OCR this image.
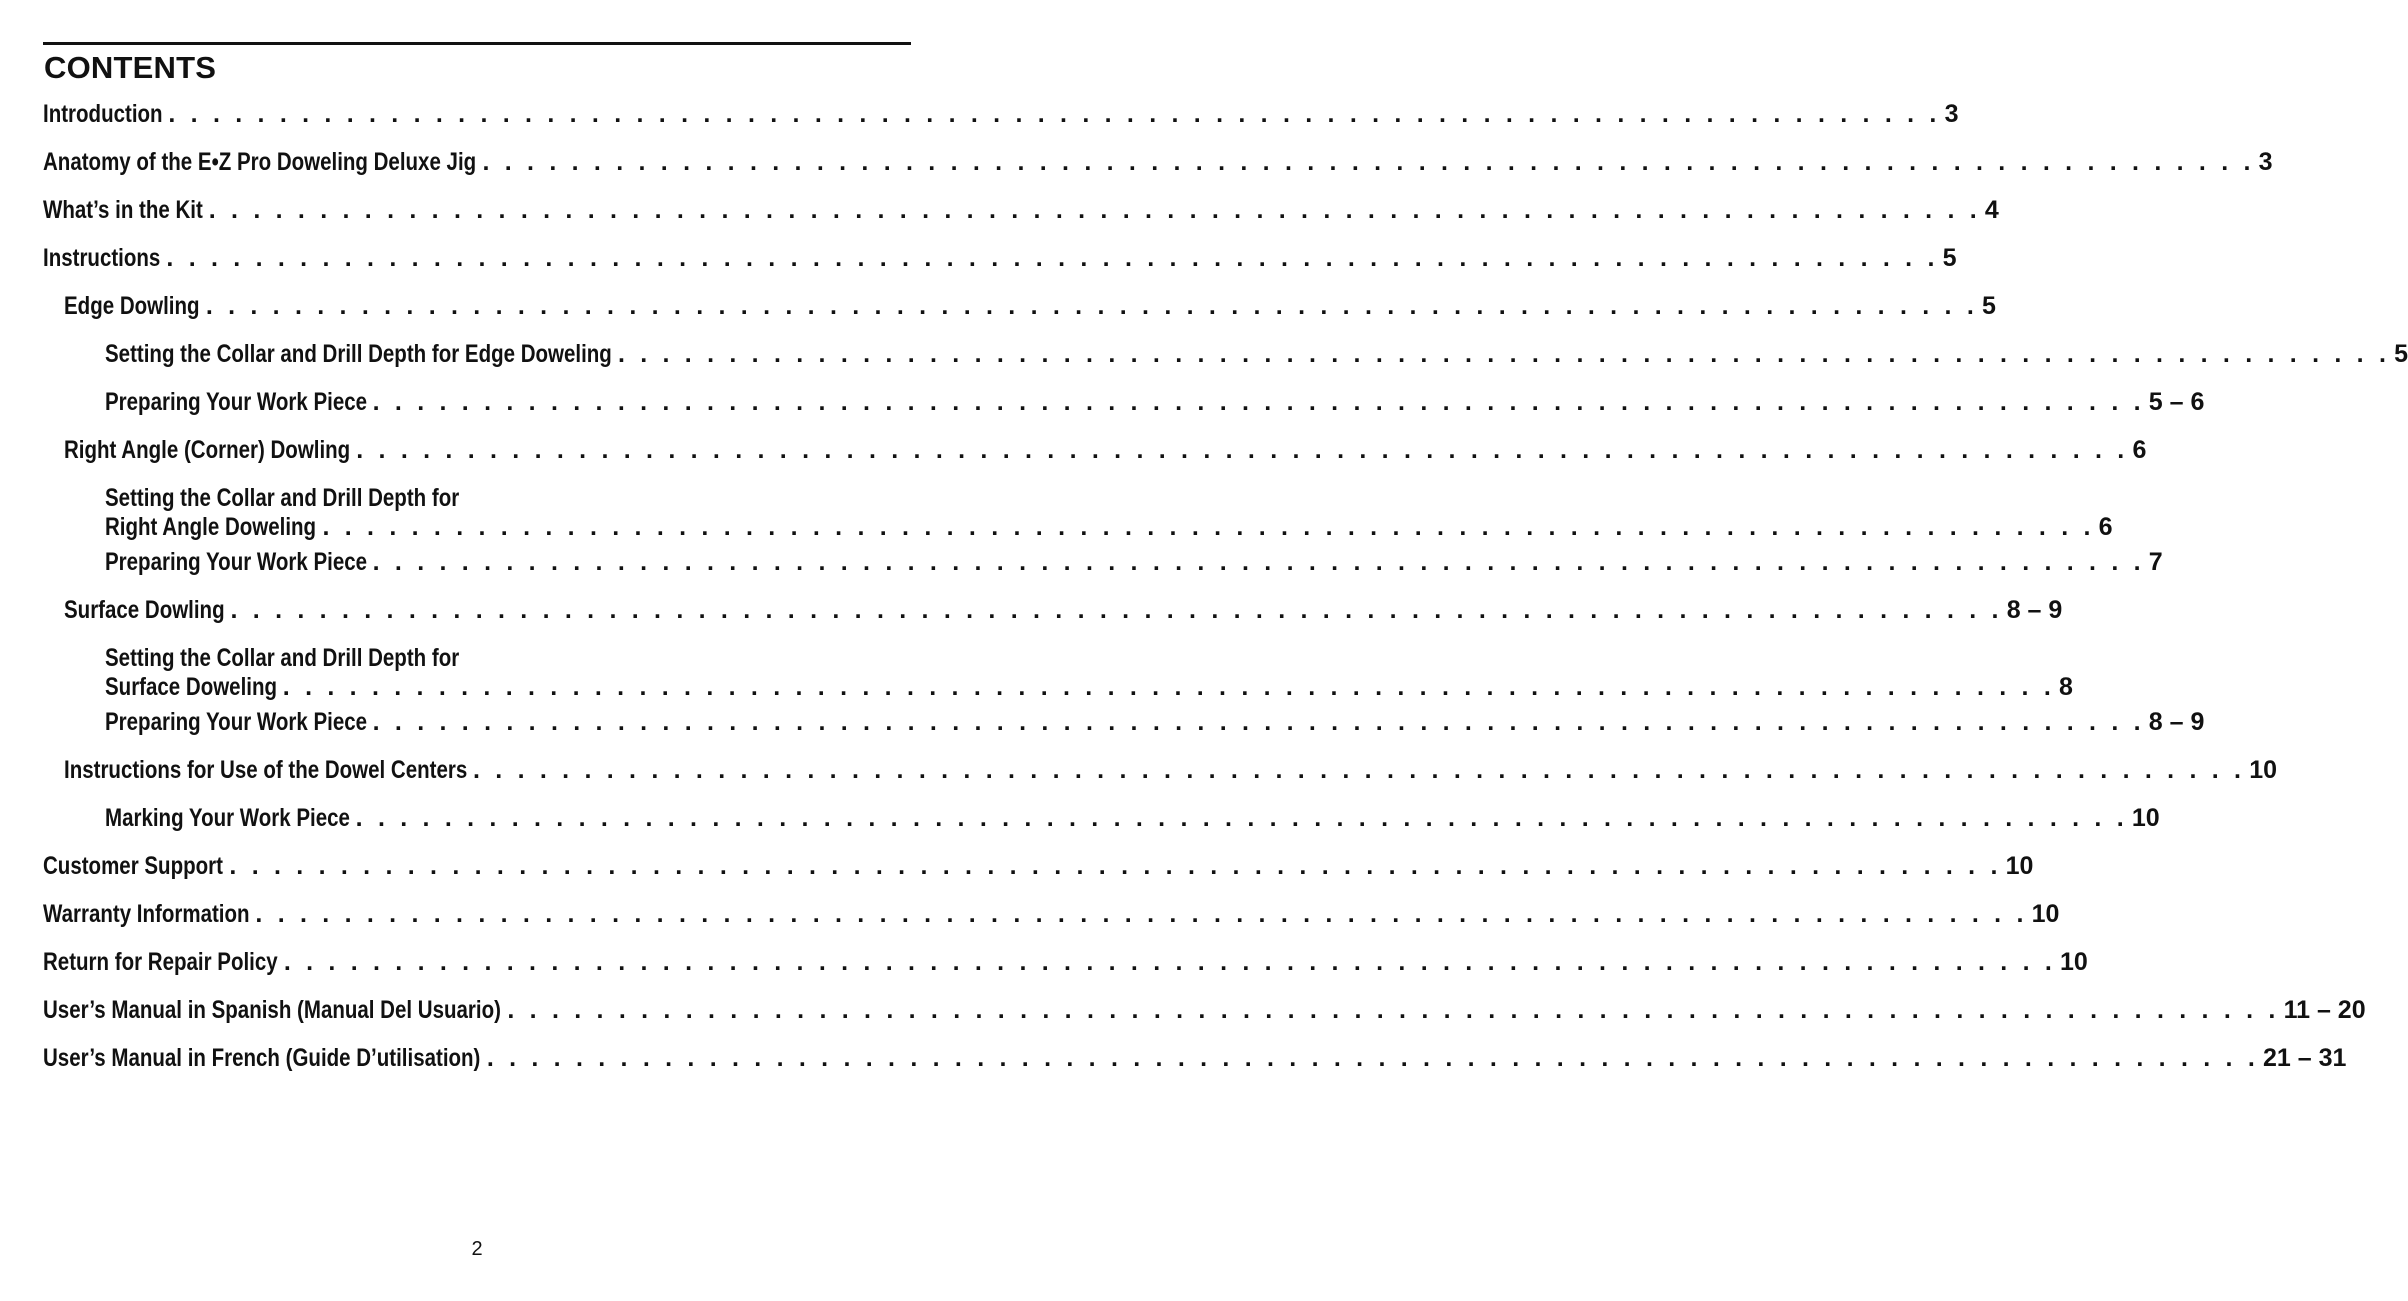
CONTENTS
Introduction . . . . . . . . . . . . . . . . . . . . . . . . . . . . . . . . . . . . . . . . . . . . . . . . . . . . . . . . . . . . . . . . . . . . . . . . . . . . . . . . 3
Anatomy of the E•Z Pro Doweling Deluxe Jig . . . . . . . . . . . . . . . . . . . . . . . . . . . . . . . . . . . . . . . . . . . . . . . . . . . . . . . . . . . . . . . . . . . . . . . . . . . . . . . . 3
What’s in the Kit . . . . . . . . . . . . . . . . . . . . . . . . . . . . . . . . . . . . . . . . . . . . . . . . . . . . . . . . . . . . . . . . . . . . . . . . . . . . . . . . 4
Instructions . . . . . . . . . . . . . . . . . . . . . . . . . . . . . . . . . . . . . . . . . . . . . . . . . . . . . . . . . . . . . . . . . . . . . . . . . . . . . . . . 5
Edge Dowling . . . . . . . . . . . . . . . . . . . . . . . . . . . . . . . . . . . . . . . . . . . . . . . . . . . . . . . . . . . . . . . . . . . . . . . . . . . . . . . . 5
Setting the Collar and Drill Depth for Edge Doweling . . . . . . . . . . . . . . . . . . . . . . . . . . . . . . . . . . . . . . . . . . . . . . . . . . . . . . . . . . . . . . . . . . . . . . . . . . . . . . . . 5
Preparing Your Work Piece . . . . . . . . . . . . . . . . . . . . . . . . . . . . . . . . . . . . . . . . . . . . . . . . . . . . . . . . . . . . . . . . . . . . . . . . . . . . . . . . 5 – 6
Right Angle (Corner) Dowling . . . . . . . . . . . . . . . . . . . . . . . . . . . . . . . . . . . . . . . . . . . . . . . . . . . . . . . . . . . . . . . . . . . . . . . . . . . . . . . . 6
Setting the Collar and Drill Depth for
Right Angle Doweling . . . . . . . . . . . . . . . . . . . . . . . . . . . . . . . . . . . . . . . . . . . . . . . . . . . . . . . . . . . . . . . . . . . . . . . . . . . . . . . . 6
Preparing Your Work Piece . . . . . . . . . . . . . . . . . . . . . . . . . . . . . . . . . . . . . . . . . . . . . . . . . . . . . . . . . . . . . . . . . . . . . . . . . . . . . . . . 7
Surface Dowling . . . . . . . . . . . . . . . . . . . . . . . . . . . . . . . . . . . . . . . . . . . . . . . . . . . . . . . . . . . . . . . . . . . . . . . . . . . . . . . . 8 – 9
Setting the Collar and Drill Depth for
Surface Doweling . . . . . . . . . . . . . . . . . . . . . . . . . . . . . . . . . . . . . . . . . . . . . . . . . . . . . . . . . . . . . . . . . . . . . . . . . . . . . . . . 8
Preparing Your Work Piece . . . . . . . . . . . . . . . . . . . . . . . . . . . . . . . . . . . . . . . . . . . . . . . . . . . . . . . . . . . . . . . . . . . . . . . . . . . . . . . . 8 – 9
Instructions for Use of the Dowel Centers . . . . . . . . . . . . . . . . . . . . . . . . . . . . . . . . . . . . . . . . . . . . . . . . . . . . . . . . . . . . . . . . . . . . . . . . . . . . . . . . 10
Marking Your Work Piece . . . . . . . . . . . . . . . . . . . . . . . . . . . . . . . . . . . . . . . . . . . . . . . . . . . . . . . . . . . . . . . . . . . . . . . . . . . . . . . . 10
Customer Support . . . . . . . . . . . . . . . . . . . . . . . . . . . . . . . . . . . . . . . . . . . . . . . . . . . . . . . . . . . . . . . . . . . . . . . . . . . . . . . . 10
Warranty Information . . . . . . . . . . . . . . . . . . . . . . . . . . . . . . . . . . . . . . . . . . . . . . . . . . . . . . . . . . . . . . . . . . . . . . . . . . . . . . . . 10
Return for Repair Policy . . . . . . . . . . . . . . . . . . . . . . . . . . . . . . . . . . . . . . . . . . . . . . . . . . . . . . . . . . . . . . . . . . . . . . . . . . . . . . . . 10
User’s Manual in Spanish (Manual Del Usuario) . . . . . . . . . . . . . . . . . . . . . . . . . . . . . . . . . . . . . . . . . . . . . . . . . . . . . . . . . . . . . . . . . . . . . . . . . . . . . . . . 11 – 20
User’s Manual in French (Guide D’utilisation) . . . . . . . . . . . . . . . . . . . . . . . . . . . . . . . . . . . . . . . . . . . . . . . . . . . . . . . . . . . . . . . . . . . . . . . . . . . . . . . . 21 – 31
2
